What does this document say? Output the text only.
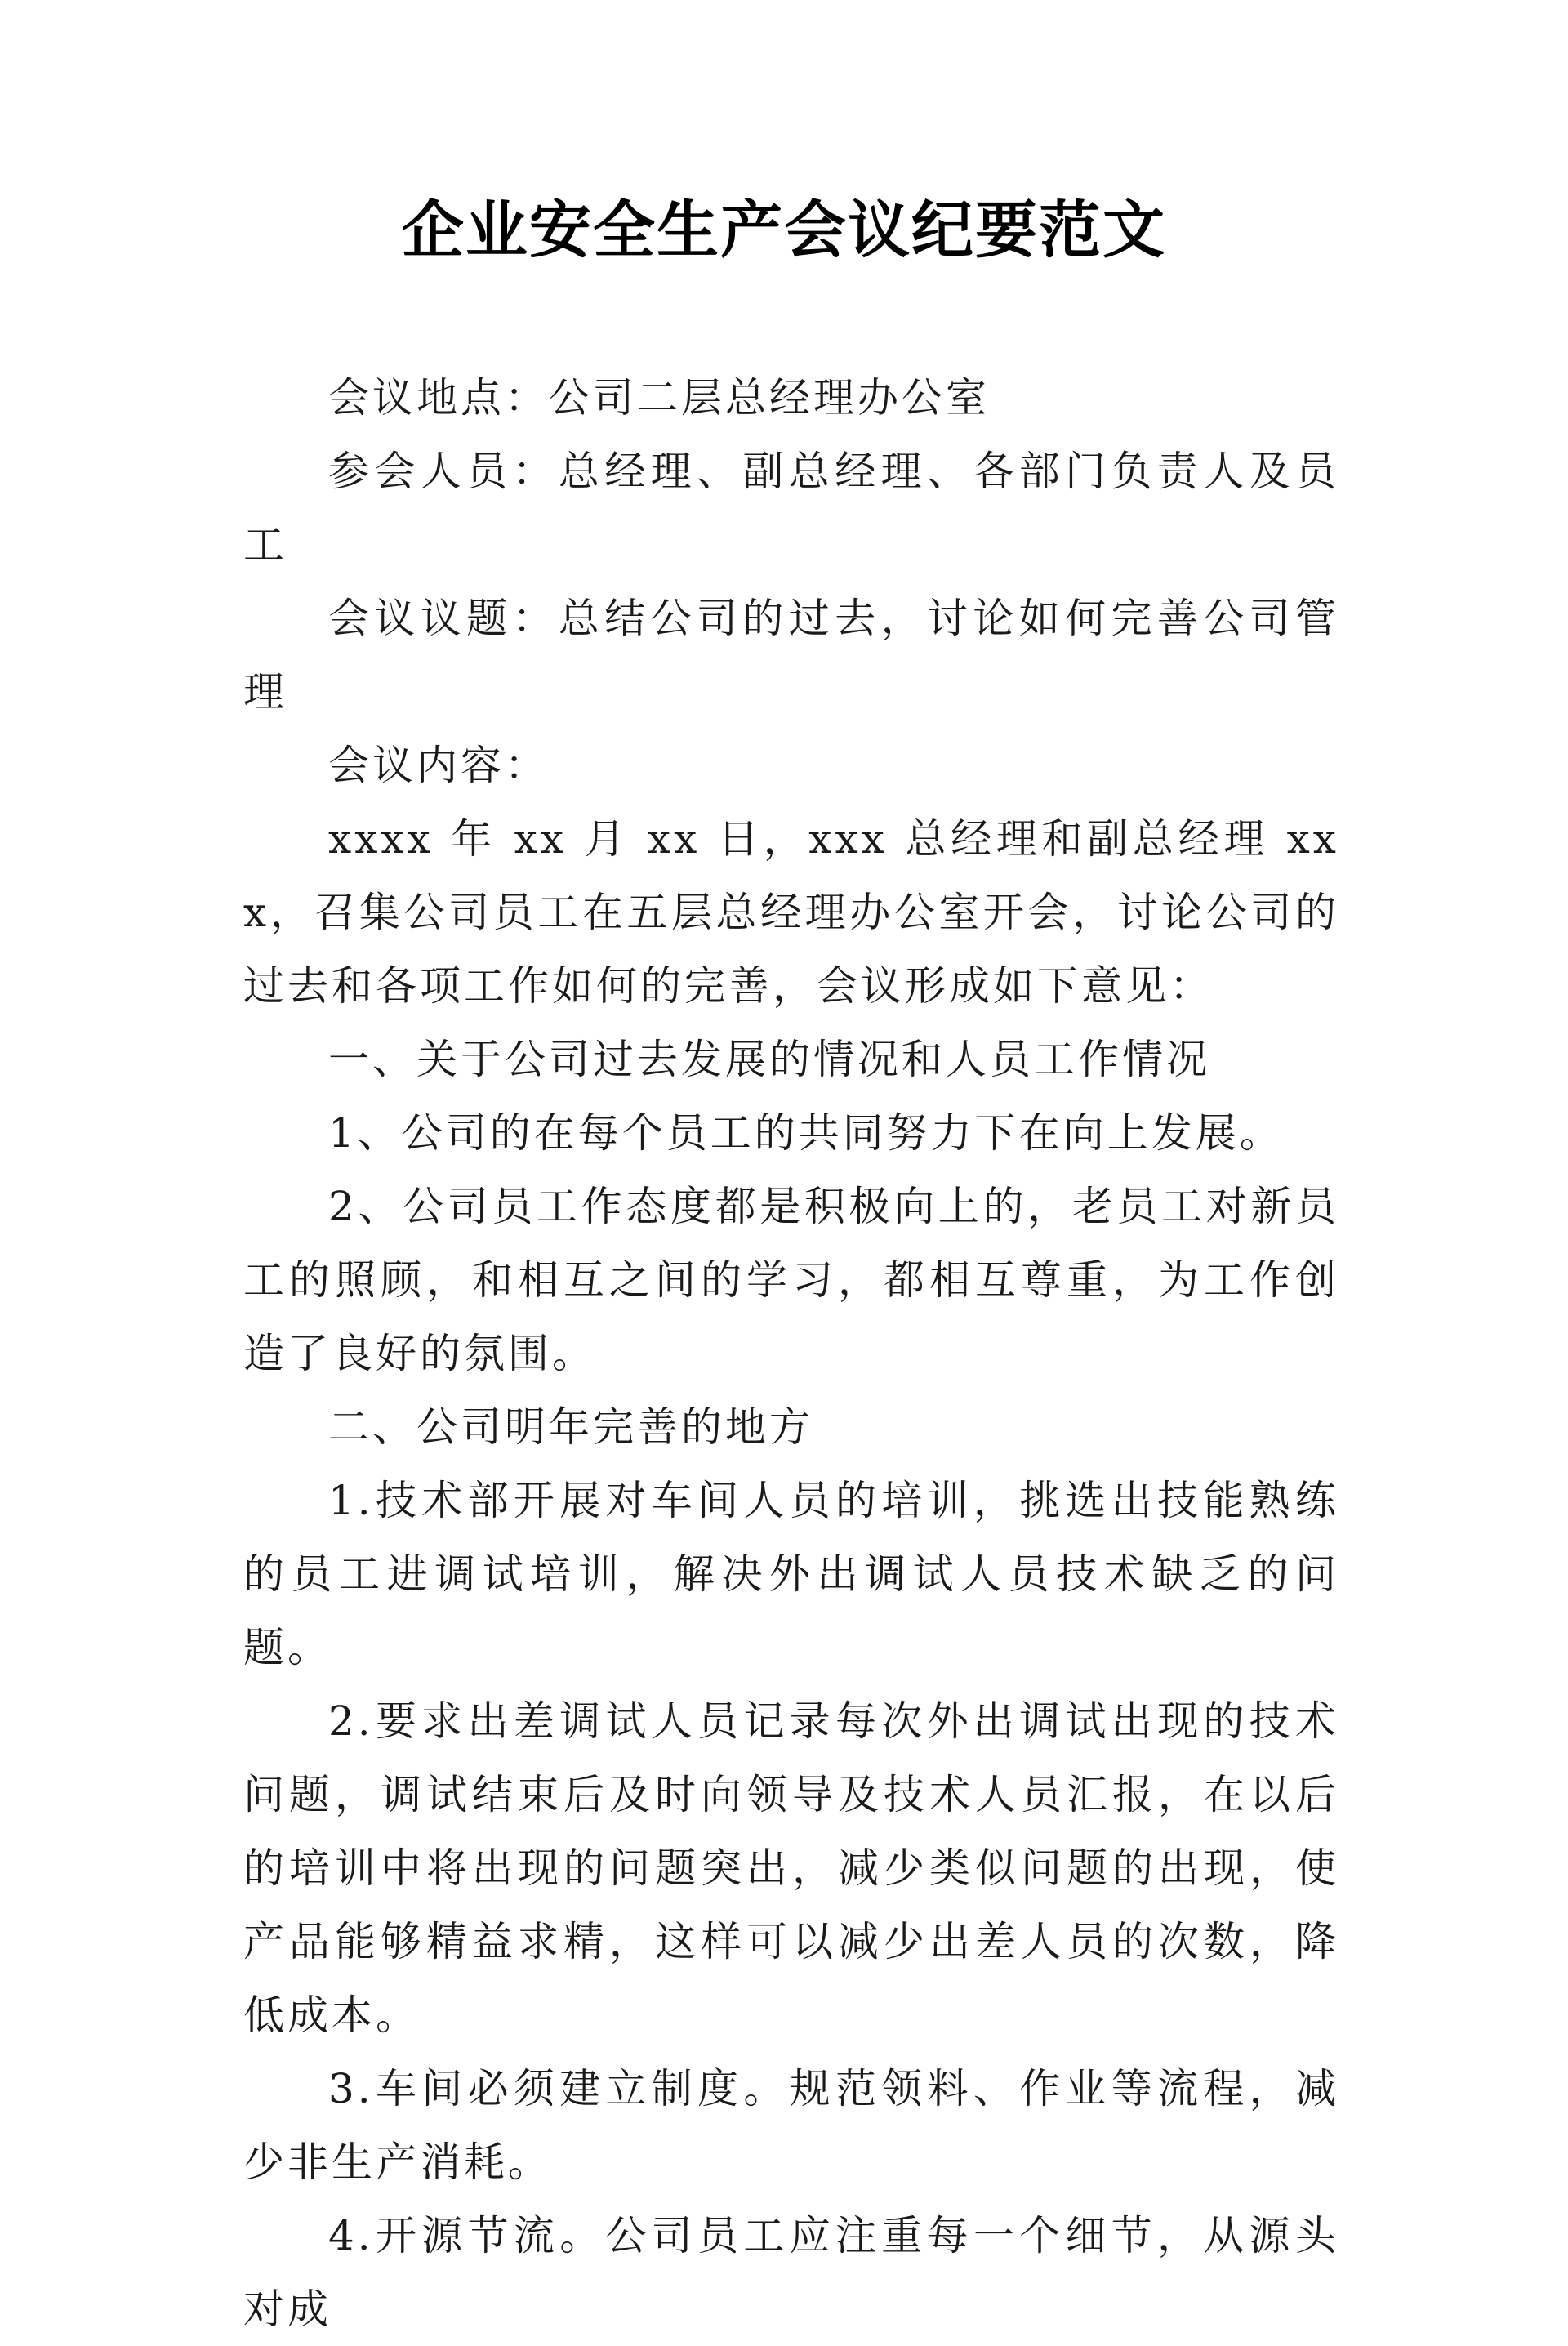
企业安全生产会议纪要范文

会议地点：公司二层总经理办公室

参会人员：总经理、副总经理、各部门负责人及员工

会议议题：总结公司的过去，讨论如何完善公司管理

会议内容：

xxxx 年 xx 月 xx 日，xxx 总经理和副总经理 xxx，召集公司员工在五层总经理办公室开会，讨论公司的过去和各项工作如何的完善，会议形成如下意见：

一、关于公司过去发展的情况和人员工作情况

1、公司的在每个员工的共同努力下在向上发展。

2、公司员工作态度都是积极向上的，老员工对新员工的照顾，和相互之间的学习，都相互尊重，为工作创造了良好的氛围。

二、公司明年完善的地方

1.技术部开展对车间人员的培训，挑选出技能熟练的员工进调试培训，解决外出调试人员技术缺乏的问题。

2.要求出差调试人员记录每次外出调试出现的技术问题，调试结束后及时向领导及技术人员汇报，在以后的培训中将出现的问题突出，减少类似问题的出现，使产品能够精益求精，这样可以减少出差人员的次数，降低成本。

3.车间必须建立制度。规范领料、作业等流程，减少非生产消耗。

4.开源节流。公司员工应注重每一个细节，从源头对成
